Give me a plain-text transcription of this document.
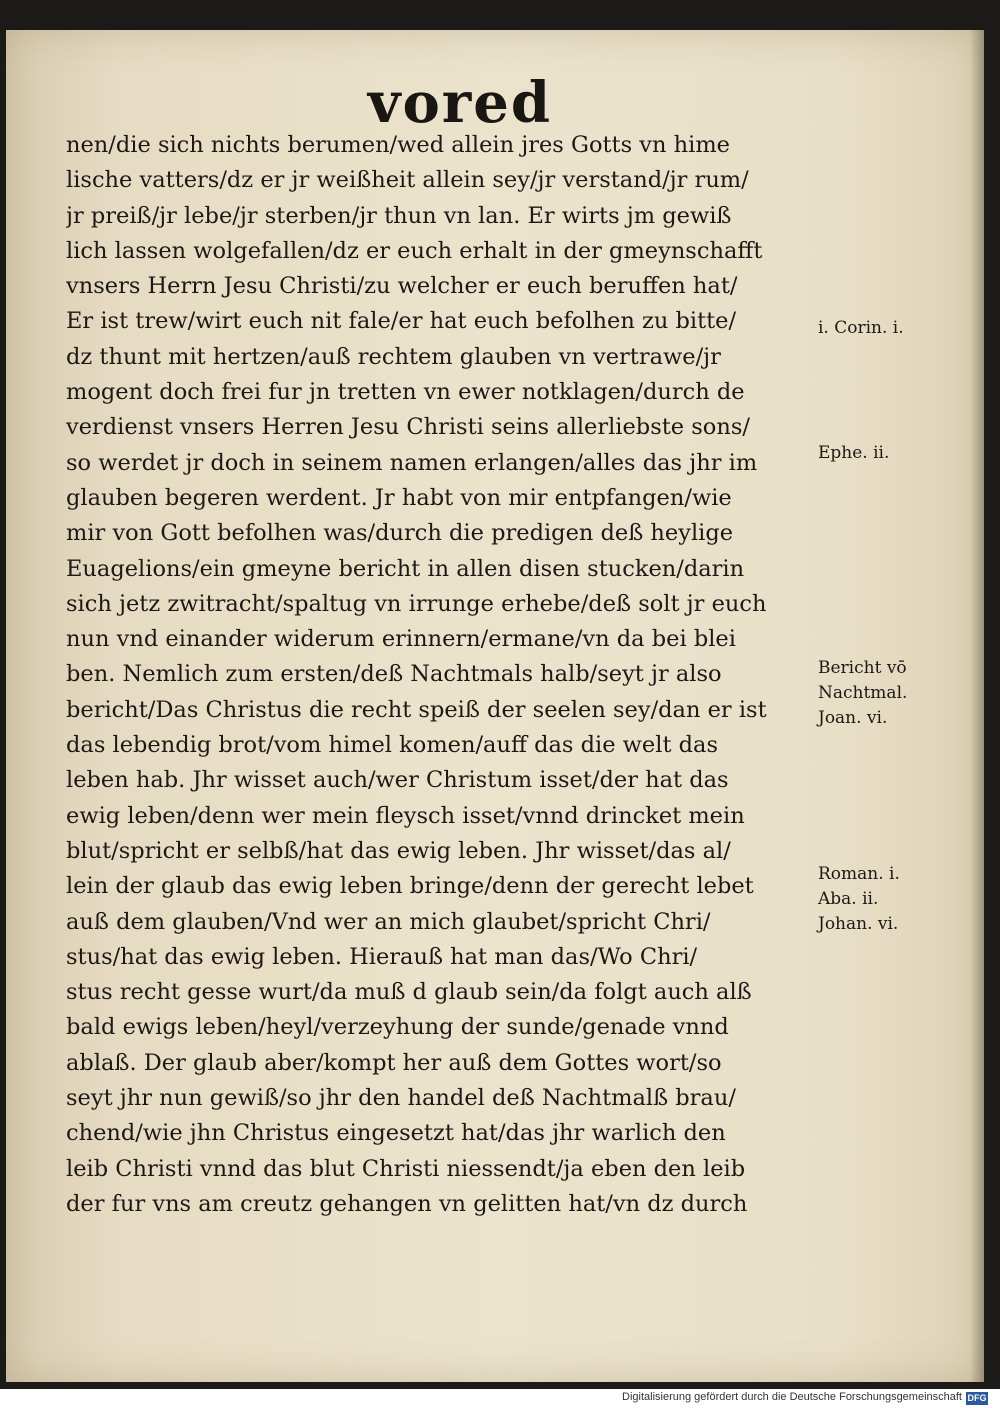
vored
nen/die sich nichts berumen/wed allein jres Gotts vn hime
lische vatters/dz er jr weißheit allein sey/jr verstand/jr rum/
jr preiß/jr lebe/jr sterben/jr thun vn lan. Er wirts jm gewiß
lich lassen wolgefallen/dz er euch erhalt in der gmeynschafft
vnsers Herrn Jesu Christi/zu welcher er euch beruffen hat/
Er ist trew/wirt euch nit fale/er hat euch befolhen zu bitte/
dz thunt mit hertzen/auß rechtem glauben vn vertrawe/jr
mogent doch frei fur jn tretten vn ewer notklagen/durch de
verdienst vnsers Herren Jesu Christi seins allerliebste sons/
so werdet jr doch in seinem namen erlangen/alles das jhr im
glauben begeren werdent. Jr habt von mir entpfangen/wie
mir von Gott befolhen was/durch die predigen deß heylige
Euagelions/ein gmeyne bericht in allen disen stucken/darin
sich jetz zwitracht/spaltug vn irrunge erhebe/deß solt jr euch
nun vnd einander widerum erinnern/ermane/vn da bei blei
ben. Nemlich zum ersten/deß Nachtmals halb/seyt jr also
bericht/Das Christus die recht speiß der seelen sey/dan er ist
das lebendig brot/vom himel komen/auff das die welt das
leben hab. Jhr wisset auch/wer Christum isset/der hat das
ewig leben/denn wer mein fleysch isset/vnnd drincket mein
blut/spricht er selbß/hat das ewig leben. Jhr wisset/das al/
lein der glaub das ewig leben bringe/denn der gerecht lebet
auß dem glauben/Vnd wer an mich glaubet/spricht Chri/
stus/hat das ewig leben. Hierauß hat man das/Wo Chri/
stus recht gesse wurt/da muß d glaub sein/da folgt auch alß
bald ewigs leben/heyl/verzeyhung der sunde/genade vnnd
ablaß. Der glaub aber/kompt her auß dem Gottes wort/so
seyt jhr nun gewiß/so jhr den handel deß Nachtmalß brau/
chend/wie jhn Christus eingesetzt hat/das jhr warlich den
leib Christi vnnd das blut Christi niessendt/ja eben den leib
der fur vns am creutz gehangen vn gelitten hat/vn dz durch
i. Corin. i.
Ephe. ii.
Bericht vō
Nachtmal.
Joan. vi.
Roman. i.
Aba. ii.
Johan. vi.
Digitalisierung gefördert durch die Deutsche Forschungsgemeinschaft DFG
